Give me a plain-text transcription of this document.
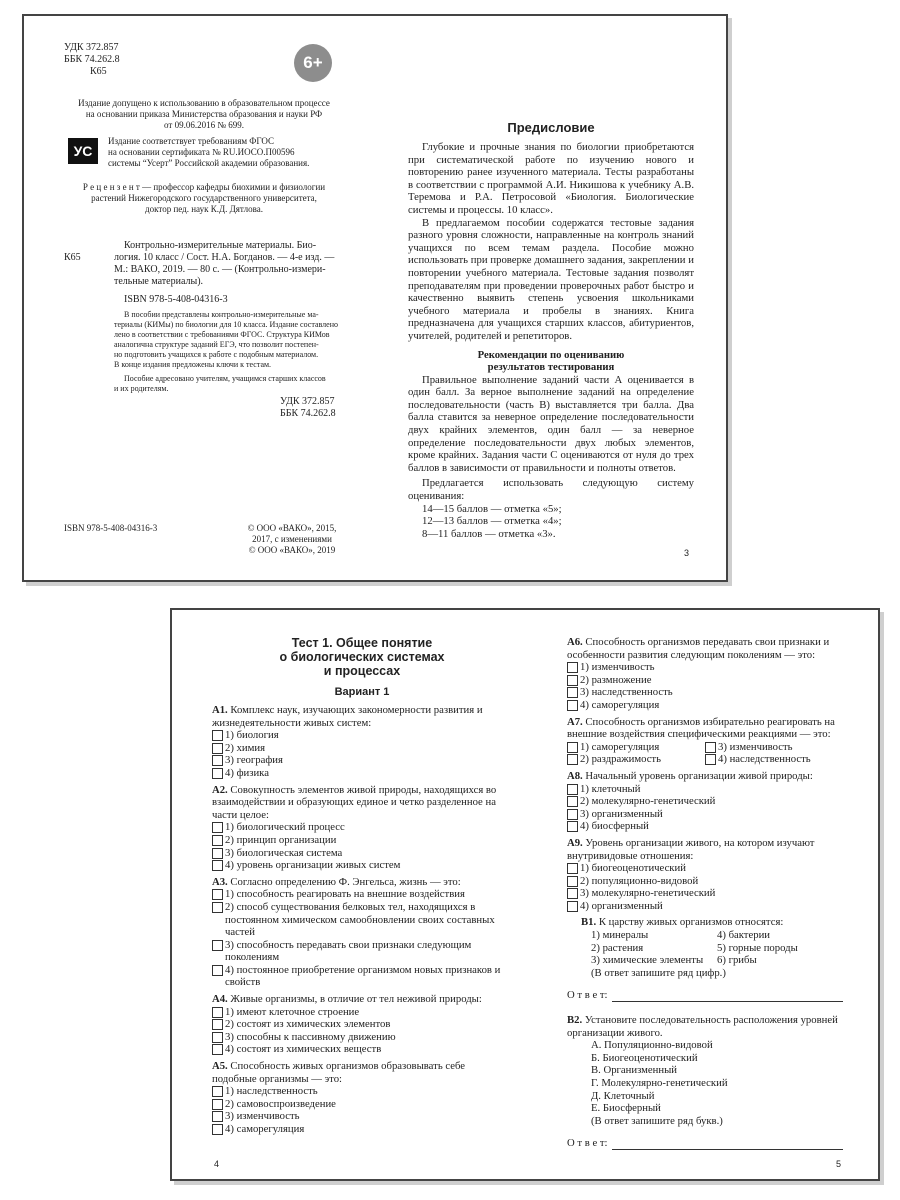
УДК 372.857
ББК 74.262.8
К65	6+
Издание допущено к использованию в образовательном процессе
на основании приказа Министерства образования и науки РФ
от 09.06.2016 № 699.
УС
Издание соответствует требованиям ФГОС
на основании сертификата № RU.ИОСО.П00596
системы “Усерт” Российской академии образования.
Р е ц е н з е н т — профессор кафедры биохимии и физиологии
растений Нижегородского государственного университета,
доктор пед. наук К.Д. Дятлова.
К65
Контрольно-измерительные материалы. Био-
логия. 10 класс / Сост. Н.А. Богданов. — 4-е изд. —
М.: ВАКО, 2019. — 80 с. — (Контрольно-измери-
тельные материалы).
ISBN 978-5-408-04316-3
В пособии представлены контрольно-измерительные ма-
териалы (КИМы) по биологии для 10 класса. Издание составлено
лено в соответствии с требованиями ФГОС. Структура КИМов
аналогична структуре заданий ЕГЭ, что позволит постепен-
но подготовить учащихся к работе с подобным материалом.
В конце издания предложены ключи к тестам.
Пособие адресовано учителям, учащимся старших классов
и их родителям.
УДК 372.857
ББК 74.262.8
ISBN 978-5-408-04316-3	© ООО «ВАКО», 2015,
2017, с изменениями
© ООО «ВАКО», 2019
Предисловие

Глубокие и прочные знания по биологии приобретаются при систематической работе по изучению нового и повторению ранее изученного материала. Тесты разработаны в соответствии с программой А.И. Никишова к учебнику А.В. Теремова и Р.А. Петросовой «Биология. Биологические системы и процессы. 10 класс».

В предлагаемом пособии содержатся тестовые задания разного уровня сложности, направленные на контроль знаний учащихся по всем темам раздела. Пособие можно использовать при проверке домашнего задания, закреплении и повторении учебного материала. Тестовые задания позволят преподавателям при проведении проверочных работ быстро и качественно выявить степень усвоения школьниками учебного материала и пробелы в знаниях. Книга предназначена для учащихся старших классов, абитуриентов, учителей, родителей и репетиторов.

Рекомендации по оцениванию
результатов тестирования

Правильное выполнение заданий части А оценивается в один балл. За верное выполнение заданий на определение последовательности (часть В) выставляется три балла. Два балла ставится за неверное определение последовательности двух крайних элементов, один балл — за неверное определение последовательности двух любых элементов, кроме крайних. Задания части С оцениваются от нуля до трех баллов в зависимости от правильности и полноты ответов.

Предлагается использовать следующую систему оценивания:

14—15 баллов — отметка «5»;
12—13 баллов — отметка «4»;
8—11 баллов — отметка «3».
3
Тест 1. Общее понятие
о биологических системах
и процессах
Вариант 1

А1. Комплекс наук, изучающих закономерности развития и жизнедеятельности живых систем:

1) биология
2) химия
3) география
4) физика

А2. Совокупность элементов живой природы, находящихся во взаимодействии и образующих единое и четко разделенное на части целое:

1) биологический процесс
2) принцип организации
3) биологическая система
4) уровень организации живых систем

А3. Согласно определению Ф. Энгельса, жизнь — это:

1) способность реагировать на внешние воздействия
2) способ существования белковых тел, находящихся в постоянном химическом самообновлении своих составных частей
3) способность передавать свои признаки следующим поколениям
4) постоянное приобретение организмом новых признаков и свойств

А4. Живые организмы, в отличие от тел неживой природы:

1) имеют клеточное строение
2) состоят из химических элементов
3) способны к пассивному движению
4) состоят из химических веществ

А5. Способность живых организмов образовывать себе подобные организмы — это:

1) наследственность
2) самовоспроизведение
3) изменчивость
4) саморегуляция
4

А6. Способность организмов передавать свои признаки и особенности развития следующим поколениям — это:

1) изменчивость
2) размножение
3) наследственность
4) саморегуляция

А7. Способность организмов избирательно реагировать на внешние воздействия специфическими реакциями — это:

1) саморегуляция	3) изменчивость
2) раздражимость	4) наследственность

А8. Начальный уровень организации живой природы:

1) клеточный
2) молекулярно-генетический
3) организменный
4) биосферный

А9. Уровень организации живого, на котором изучают внутривидовые отношения:

1) биогеоценотический
2) популяционно-видовой
3) молекулярно-генетический
4) организменный

В1. К царству живых организмов относятся:

1) минералы	4) бактерии
2) растения	5) горные породы
3) химические элементы	6) грибы
(В ответ запишите ряд цифр.)
О т в е т:

В2. Установите последовательность расположения уровней организации живого.

А. Популяционно-видовой
Б. Биогеоценотический
В. Организменный
Г. Молекулярно-генетический
Д. Клеточный
Е. Биосферный
(В ответ запишите ряд букв.)
О т в е т:
5
